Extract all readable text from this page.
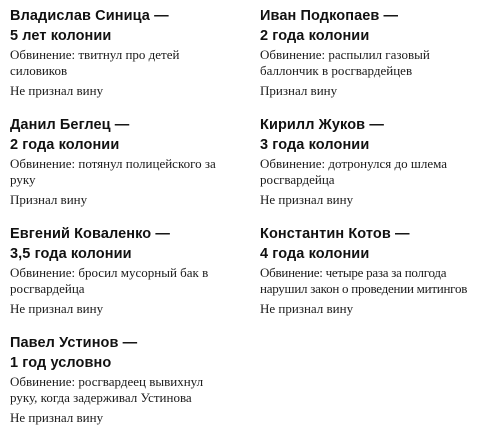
Владислав Синица —

5 лет колонии

Обвинение: твитнул про детей силовиков

Не признал вину

Иван Подкопаев —

2 года колонии

Обвинение: распылил газовый баллончик в росгвардейцев

Признал вину

Данил Беглец —

2 года колонии

Обвинение: потянул полицейского за руку

Признал вину

Кирилл Жуков —

3 года колонии

Обвинение: дотронулся до шлема росгвардейца

Не признал вину

Евгений Коваленко —

3,5 года колонии

Обвинение: бросил мусорный бак в росгвардейца

Не признал вину

Константин Котов —

4 года колонии

Обвинение: четыре раза за полгода нарушил закон о проведении митингов

Не признал вину

Павел Устинов —

1 год условно

Обвинение: росгвардеец вывихнул руку, когда задерживал Устинова

Не признал вину
